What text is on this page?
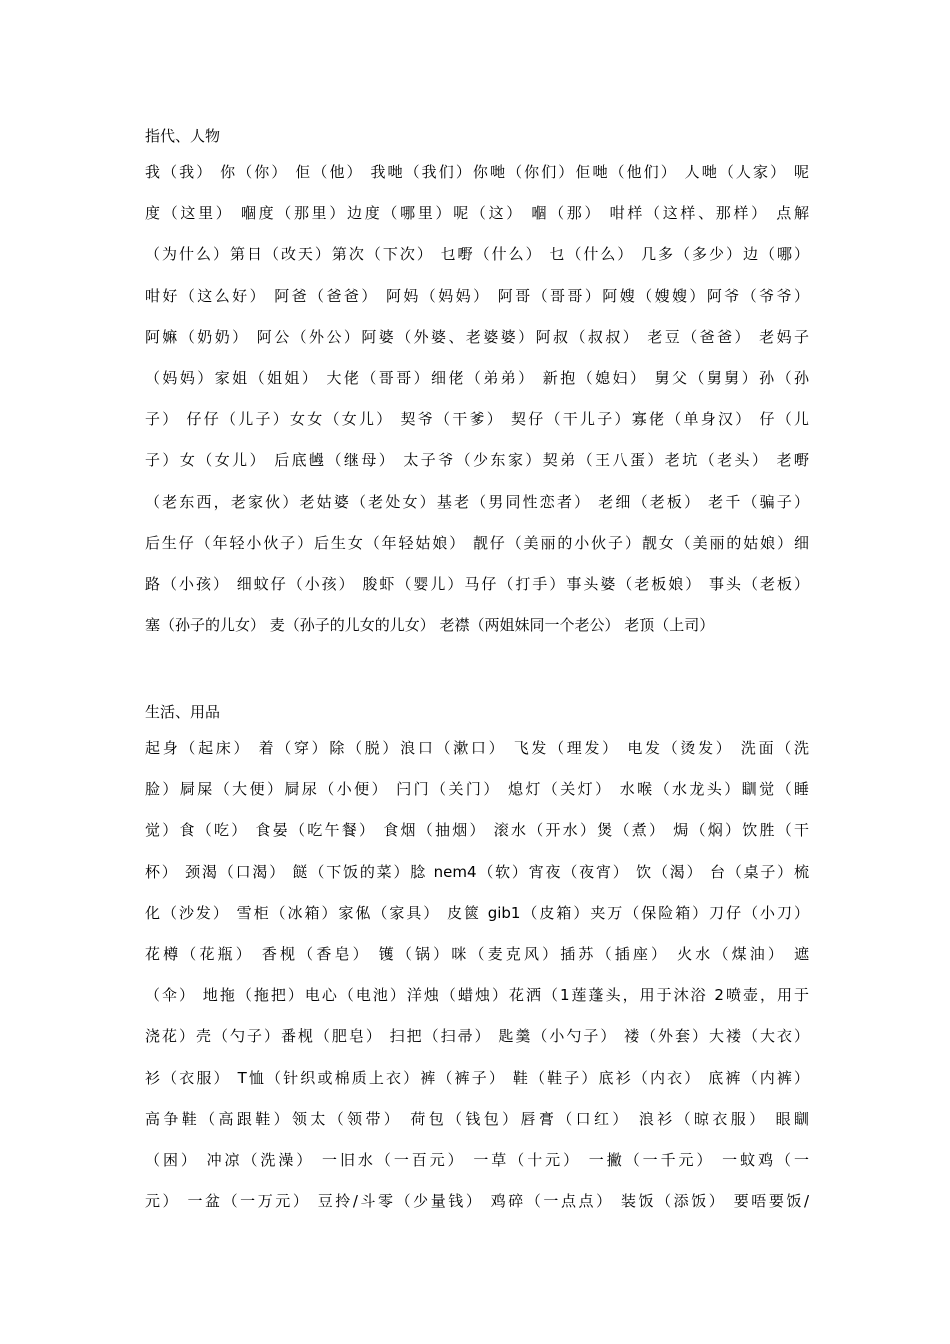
指代、人物
我（我） 你（你） 佢（他） 我哋（我们）你哋（你们）佢哋（他们） 人哋（人家） 呢
度（这里） 嗰度（那里）边度（哪里）呢（这） 嗰（那） 咁样（这样、那样） 点解
（为什么）第日（改天）第次（下次） 乜嘢（什么） 乜（什么） 几多（多少）边（哪）
咁好（这么好） 阿爸（爸爸） 阿妈（妈妈） 阿哥（哥哥）阿嫂（嫂嫂）阿爷（爷爷）
阿嫲（奶奶） 阿公（外公）阿婆（外婆、老婆婆）阿叔（叔叔） 老豆（爸爸） 老妈子
（妈妈）家姐（姐姐） 大佬（哥哥）细佬（弟弟） 新抱（媳妇） 舅父（舅舅）孙（孙
子） 仔仔（儿子）女女（女儿） 契爷（干爹） 契仔（干儿子）寡佬（单身汉） 仔（儿
子）女（女儿） 后底乸（继母） 太子爷（少东家）契弟（王八蛋）老坑（老头） 老嘢
（老东西，老家伙）老姑婆（老处女）基老（男同性恋者） 老细（老板） 老千（骗子）
后生仔（年轻小伙子）后生女（年轻姑娘） 靓仔（美丽的小伙子）靓女（美丽的姑娘）细
路（小孩） 细蚊仔（小孩） 朘虾（婴儿）马仔（打手）事头婆（老板娘） 事头（老板）
塞（孙子的儿女） 麦（孙子的儿女的儿女） 老襟（两姐妹同一个老公） 老顶（上司）
生活、用品
起身（起床） 着（穿）除（脱）浪口（漱口） 飞发（理发） 电发（烫发） 洗面（洗
脸）屙屎（大便）屙尿（小便） 闩门（关门） 熄灯（关灯） 水喉（水龙头）瞓觉（睡
觉）食（吃） 食晏（吃午餐） 食烟（抽烟） 滚水（开水）煲（煮） 焗（焖）饮胜（干
杯） 颈渴（口渴） 餸（下饭的菜）腍 nem4（软）宵夜（夜宵） 饮（渴） 台（桌子）梳
化（沙发） 雪柜（冰箱）家俬（家具） 皮篋 gib1（皮箱）夹万（保险箱）刀仔（小刀）
花樽（花瓶） 香枧（香皂） 镬（锅）咪（麦克风）插苏（插座） 火水（煤油） 遮
（伞） 地拖（拖把）电心（电池）洋烛（蜡烛）花洒（1莲蓬头，用于沐浴 2喷壶，用于
浇花）壳（勺子）番枧（肥皂） 扫把（扫帚） 匙羹（小勺子） 褛（外套）大褛（大衣）
衫（衣服） T恤（针织或棉质上衣）裤（裤子） 鞋（鞋子）底衫（内衣） 底裤（内裤）
高争鞋（高跟鞋）领太（领带） 荷包（钱包）唇膏（口红） 浪衫（晾衣服） 眼瞓
（困） 冲凉（洗澡） 一旧水（一百元） 一草（十元） 一撇（一千元） 一蚊鸡（一
元） 一盆（一万元） 豆拎/斗零（少量钱） 鸡碎（一点点） 装饭（添饭） 要唔要饭/
